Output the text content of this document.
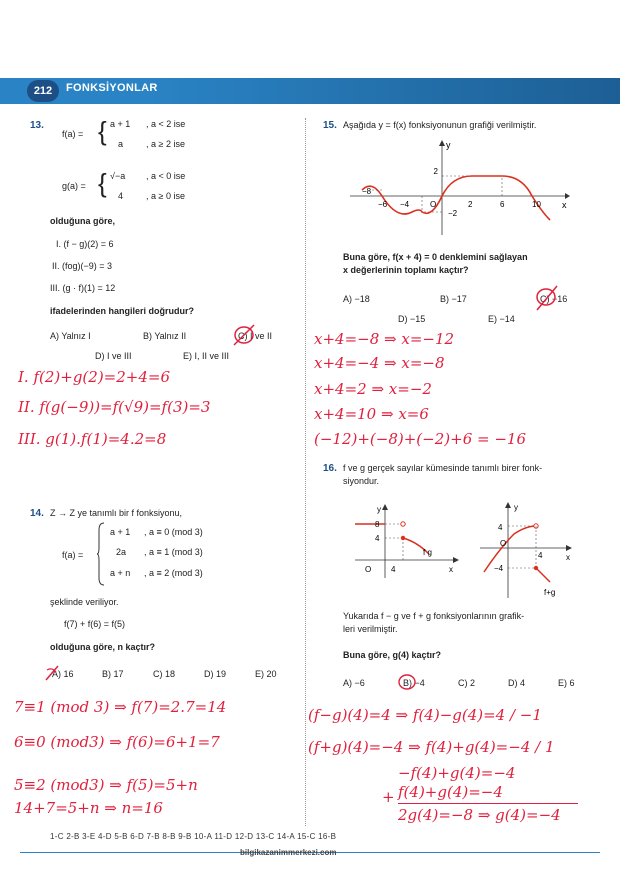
212	FONKSİYONLAR
13.
f(a) = { a + 1 , a < 2 ise
a	, a ≥ 2 ise
g(a) = { √−a , a < 0 ise
4	, a ≥ 0 ise
olduğuna göre,
I. (f − g)(2) = 6
II. (fog)(−9) = 3
III. (g · f)(1) = 12
ifadelerinden hangileri doğrudur?
A) Yalnız I	B) Yalnız II	C) I ve II
D) I ve III	E) I, II ve III
I. f(2)+g(2)=2+4=6
II. f(g(−9))=f(√9)=f(3)=3
III. g(1).f(1)=4.2=8
14. Z → Z ye tanımlı bir f fonksiyonu,
f(a) =
a + 1 , a ≡ 0 (mod 3)
2a , a ≡ 1 (mod 3)
a + n , a ≡ 2 (mod 3)
şeklinde veriliyor.
f(7) + f(6) = f(5)
olduğuna göre, n kaçtır?
A) 16	B) 17	C) 18	D) 19	E) 20
7≡1 (mod 3) ⇒ f(7)=2.7=14
6≡0 (mod3) ⇒ f(6)=6+1=7
5≡2 (mod3) ⇒ f(5)=5+n
14+7=5+n ⇒ n=16
15. Aşağıda y = f(x) fonksiyonunun grafiği verilmiştir.
y
x
2
−2
−8
−6 −4	O	2	6	10
Buna göre, f(x + 4) = 0 denklemini sağlayan
x değerlerinin toplamı kaçtır?
A) −18	B) −17	C) −16
D) −15	E) −14
x+4=−8 ⇒ x=−12
x+4=−4 ⇒ x=−8
x+4=2 ⇒ x=−2
x+4=10 ⇒ x=6
(−12)+(−8)+(−2)+6 = −16
16. f ve g gerçek sayılar kümesinde tanımlı birer fonk-
siyondur.
y
x
8
4
O 4
f g
y
x
4
O
−4
4
f+g
Yukarıda f − g ve f + g fonksiyonlarının grafik-
leri verilmiştir.
Buna göre, g(4) kaçtır?
A) −6	B) −4	C) 2	D) 4	E) 6
(f−g)(4)=4 ⇒ f(4)−g(4)=4 / −1
(f+g)(4)=−4 ⇒ f(4)+g(4)=−4 / 1
−f(4)+g(4)=−4
f(4)+g(4)=−4
+
2g(4)=−8 ⇒ g(4)=−4
1-C 2-B 3-E 4-D 5-B 6-D 7-B 8-B 9-B 10-A 11-D 12-D 13-C 14-A 15-C 16-B
bilgikazanimmerkezi.com
